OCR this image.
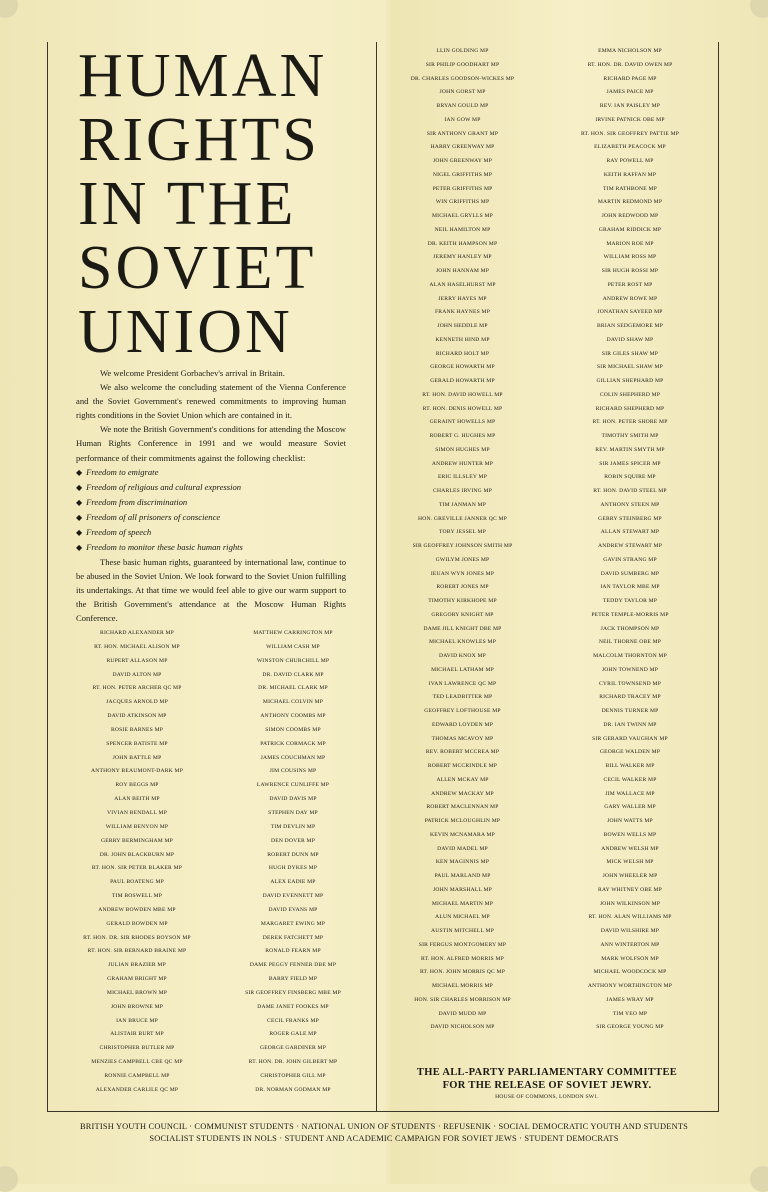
HUMAN
RIGHTS
IN THE
SOVIET
UNION

We welcome President Gorbachev's arrival in Britain.

We also welcome the concluding statement of the Vienna Conference and the Soviet Government's renewed commitments to improving human rights conditions in the Soviet Union which are contained in it.

We note the British Government's conditions for attending the Moscow Human Rights Conference in 1991 and we would measure Soviet performance of their commitments against the following checklist:

◆ Freedom to emigrate
◆ Freedom of religious and cultural expression
◆ Freedom from discrimination
◆ Freedom of all prisoners of conscience
◆ Freedom of speech
◆ Freedom to monitor these basic human rights

These basic human rights, guaranteed by international law, continue to be abused in the Soviet Union. We look forward to the Soviet Union fulfilling its undertakings. At that time we would feel able to give our warm support to the British Government's attendance at the Moscow Human Rights Conference.

RICHARD ALEXANDER MP
RT. HON. MICHAEL ALISON MP
RUPERT ALLASON MP
DAVID ALTON MP
RT. HON. PETER ARCHER QC MP
JACQUES ARNOLD MP
DAVID ATKINSON MP
ROSIE BARNES MP
SPENCER BATISTE MP
JOHN BATTLE MP
ANTHONY BEAUMONT-DARK MP
ROY BEGGS MP
ALAN BEITH MP
VIVIAN BENDALL MP
WILLIAM BENYON MP
GERRY BERMINGHAM MP
DR. JOHN BLACKBURN MP
RT. HON. SIR PETER BLAKER MP
PAUL BOATENG MP
TIM BOSWELL MP
ANDREW BOWDEN MBE MP
GERALD BOWDEN MP
RT. HON. DR. SIR RHODES BOYSON MP
RT. HON. SIR BERNARD BRAINE MP
JULIAN BRAZIER MP
GRAHAM BRIGHT MP
MICHAEL BROWN MP
JOHN BROWNE MP
IAN BRUCE MP
ALISTAIR BURT MP
CHRISTOPHER BUTLER MP
MENZIES CAMPBELL CBE QC MP
RONNIE CAMPBELL MP
ALEXANDER CARLILE QC MP
MATTHEW CARRINGTON MP
WILLIAM CASH MP
WINSTON CHURCHILL MP
DR. DAVID CLARK MP
DR. MICHAEL CLARK MP
MICHAEL COLVIN MP
ANTHONY COOMBS MP
SIMON COOMBS MP
PATRICK CORMACK MP
JAMES COUCHMAN MP
JIM COUSINS MP
LAWRENCE CUNLIFFE MP
DAVID DAVIS MP
STEPHEN DAY MP
TIM DEVLIN MP
DEN DOVER MP
ROBERT DUNN MP
HUGH DYKES MP
ALEX EADIE MP
DAVID EVENNETT MP
DAVID EVANS MP
MARGARET EWING MP
DEREK FATCHETT MP
RONALD FEARN MP
DAME PEGGY FENNER DBE MP
BARRY FIELD MP
SIR GEOFFREY FINSBERG MBE MP
DAME JANET FOOKES MP
CECIL FRANKS MP
ROGER GALE MP
GEORGE GARDINER MP
RT. HON. DR. JOHN GILBERT MP
CHRISTOPHER GILL MP
DR. NORMAN GODMAN MP
LLIN GOLDING MP
SIR PHILIP GOODHART MP
DR. CHARLES GOODSON-WICKES MP
JOHN GORST MP
BRYAN GOULD MP
IAN GOW MP
SIR ANTHONY GRANT MP
HARRY GREENWAY MP
JOHN GREENWAY MP
NIGEL GRIFFITHS MP
PETER GRIFFITHS MP
WIN GRIFFITHS MP
MICHAEL GRYLLS MP
NEIL HAMILTON MP
DR. KEITH HAMPSON MP
JEREMY HANLEY MP
JOHN HANNAM MP
ALAN HASELHURST MP
JERRY HAYES MP
FRANK HAYNES MP
JOHN HEDDLE MP
KENNETH HIND MP
RICHARD HOLT MP
GEORGE HOWARTH MP
GERALD HOWARTH MP
RT. HON. DAVID HOWELL MP
RT. HON. DENIS HOWELL MP
GERAINT HOWELLS MP
ROBERT G. HUGHES MP
SIMON HUGHES MP
ANDREW HUNTER MP
ERIC ILLSLEY MP
CHARLES IRVING MP
TIM JANMAN MP
HON. GREVILLE JANNER QC MP
TOBY JESSEL MP
SIR GEOFFREY JOHNSON SMITH MP
GWILYM JONES MP
IEUAN WYN JONES MP
ROBERT JONES MP
TIMOTHY KIRKHOPE MP
GREGORY KNIGHT MP
DAME JILL KNIGHT DBE MP
MICHAEL KNOWLES MP
DAVID KNOX MP
MICHAEL LATHAM MP
IVAN LAWRENCE QC MP
TED LEADBITTER MP
GEOFFREY LOFTHOUSE MP
EDWARD LOYDEN MP
THOMAS MCAVOY MP
REV. ROBERT MCCREA MP
ROBERT MCCRINDLE MP
ALLEN MCKAY MP
ANDREW MACKAY MP
ROBERT MACLENNAN MP
PATRICK MCLOUGHLIN MP
KEVIN MCNAMARA MP
DAVID MADEL MP
KEN MAGINNIS MP
PAUL MARLAND MP
JOHN MARSHALL MP
MICHAEL MARTIN MP
ALUN MICHAEL MP
AUSTIN MITCHELL MP
SIR FERGUS MONTGOMERY MP
RT. HON. ALFRED MORRIS MP
RT. HON. JOHN MORRIS QC MP
MICHAEL MORRIS MP
HON. SIR CHARLES MORRISON MP
DAVID MUDD MP
DAVID NICHOLSON MP
EMMA NICHOLSON MP
RT. HON. DR. DAVID OWEN MP
RICHARD PAGE MP
JAMES PAICE MP
REV. IAN PAISLEY MP
IRVINE PATNICK OBE MP
RT. HON. SIR GEOFFREY PATTIE MP
ELIZABETH PEACOCK MP
RAY POWELL MP
KEITH RAFFAN MP
TIM RATHBONE MP
MARTIN REDMOND MP
JOHN REDWOOD MP
GRAHAM RIDDICK MP
MARION ROE MP
WILLIAM ROSS MP
SIR HUGH ROSSI MP
PETER ROST MP
ANDREW ROWE MP
JONATHAN SAYEED MP
BRIAN SEDGEMORE MP
DAVID SHAW MP
SIR GILES SHAW MP
SIR MICHAEL SHAW MP
GILLIAN SHEPHARD MP
COLIN SHEPHERD MP
RICHARD SHEPHERD MP
RT. HON. PETER SHORE MP
TIMOTHY SMITH MP
REV. MARTIN SMYTH MP
SIR JAMES SPICER MP
ROBIN SQUIRE MP
RT. HON. DAVID STEEL MP
ANTHONY STEEN MP
GERRY STEINBERG MP
ALLAN STEWART MP
ANDREW STEWART MP
GAVIN STRANG MP
DAVID SUMBERG MP
IAN TAYLOR MBE MP
TEDDY TAYLOR MP
PETER TEMPLE-MORRIS MP
JACK THOMPSON MP
NEIL THORNE OBE MP
MALCOLM THORNTON MP
JOHN TOWNEND MP
CYRIL TOWNSEND MP
RICHARD TRACEY MP
DENNIS TURNER MP
DR. IAN TWINN MP
SIR GERARD VAUGHAN MP
GEORGE WALDEN MP
BILL WALKER MP
CECIL WALKER MP
JIM WALLACE MP
GARY WALLER MP
JOHN WATTS MP
BOWEN WELLS MP
ANDREW WELSH MP
MICK WELSH MP
JOHN WHEELER MP
RAY WHITNEY OBE MP
JOHN WILKINSON MP
RT. HON. ALAN WILLIAMS MP
DAVID WILSHIRE MP
ANN WINTERTON MP
MARK WOLFSON MP
MICHAEL WOODCOCK MP
ANTHONY WORTHINGTON MP
JAMES WRAY MP
TIM YEO MP
SIR GEORGE YOUNG MP
THE ALL-PARTY PARLIAMENTARY COMMITTEE
FOR THE RELEASE OF SOVIET JEWRY.
HOUSE OF COMMONS, LONDON SW1.
BRITISH YOUTH COUNCIL · COMMUNIST STUDENTS · NATIONAL UNION OF STUDENTS · REFUSENIK · SOCIAL DEMOCRATIC YOUTH AND STUDENTS
SOCIALIST STUDENTS IN NOLS · STUDENT AND ACADEMIC CAMPAIGN FOR SOVIET JEWS · STUDENT DEMOCRATS
